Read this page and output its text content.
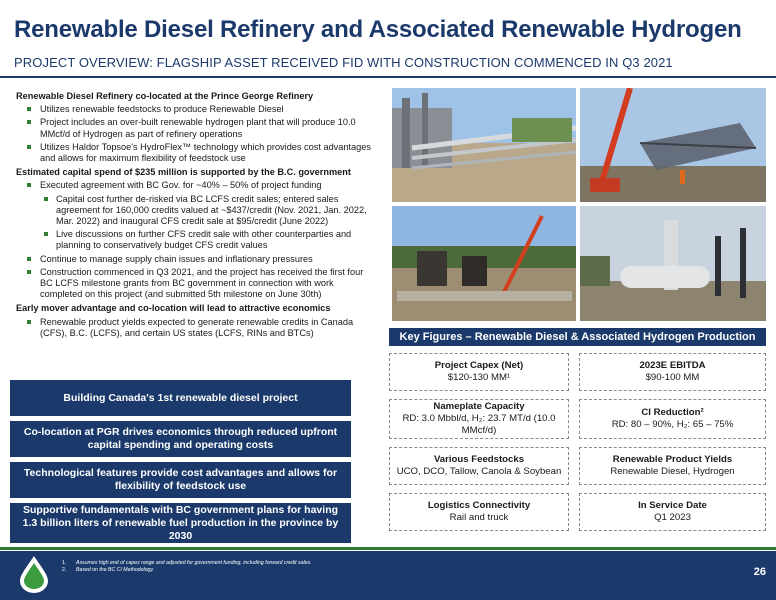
Renewable Diesel Refinery and Associated Renewable Hydrogen
PROJECT OVERVIEW: FLAGSHIP ASSET RECEIVED FID WITH CONSTRUCTION COMMENCED IN Q3 2021
Renewable Diesel Refinery co-located at the Prince George Refinery
Utilizes renewable feedstocks to produce Renewable Diesel
Project includes an over-built renewable hydrogen plant that will produce 10.0 MMcf/d of Hydrogen as part of refinery operations
Utilizes Haldor Topsoe's HydroFlex™ technology which provides cost advantages and allows for maximum flexibility of feedstock use
Estimated capital spend of $235 million is supported by the B.C. government
Executed agreement with BC Gov. for ~40% – 50% of project funding
Capital cost further de-risked via BC LCFS credit sales; entered sales agreement for 160,000 credits valued at ~$437/credit (Nov. 2021, Jan. 2022, Mar. 2022) and inaugural CFS credit sale at $95/credit (June 2022)
Live discussions on further CFS credit sale with other counterparties and planning to conservatively budget CFS credit values
Continue to manage supply chain issues and inflationary pressures
Construction commenced in Q3 2021, and the project has received the first four BC LCFS milestone grants from BC government in connection with work completed on this project (and submitted 5th milestone on June 30th)
Early mover advantage and co-location will lead to attractive economics
Renewable product yields expected to generate renewable credits in Canada (CFS), B.C. (LCFS), and certain US states (LCFS, RINs and BTCs)
Building Canada's 1st renewable diesel project
Co-location at PGR drives economics through reduced upfront capital spending and operating costs
Technological features provide cost advantages and allows for flexibility of feedstock use
Supportive fundamentals with BC government plans for having 1.3 billion liters of renewable fuel production in the province by 2030
Key Figures – Renewable Diesel & Associated Hydrogen Production
Project Capex (Net)
$120-130 MM¹
2023E EBITDA
$90-100 MM
Nameplate Capacity
RD: 3.0 Mbbl/d, H₂: 23.7 MT/d (10.0 MMcf/d)
CI Reduction²
RD: 80 – 90%, H₂: 65 – 75%
Various Feedstocks
UCO, DCO, Tallow, Canola & Soybean
Renewable Product Yields
Renewable Diesel, Hydrogen
Logistics Connectivity
Rail and truck
In Service Date
Q1 2023
1. Assumes high end of capex range and adjusted for government funding, including forward credit sales.
2. Based on the BC CI Methodology.	26
